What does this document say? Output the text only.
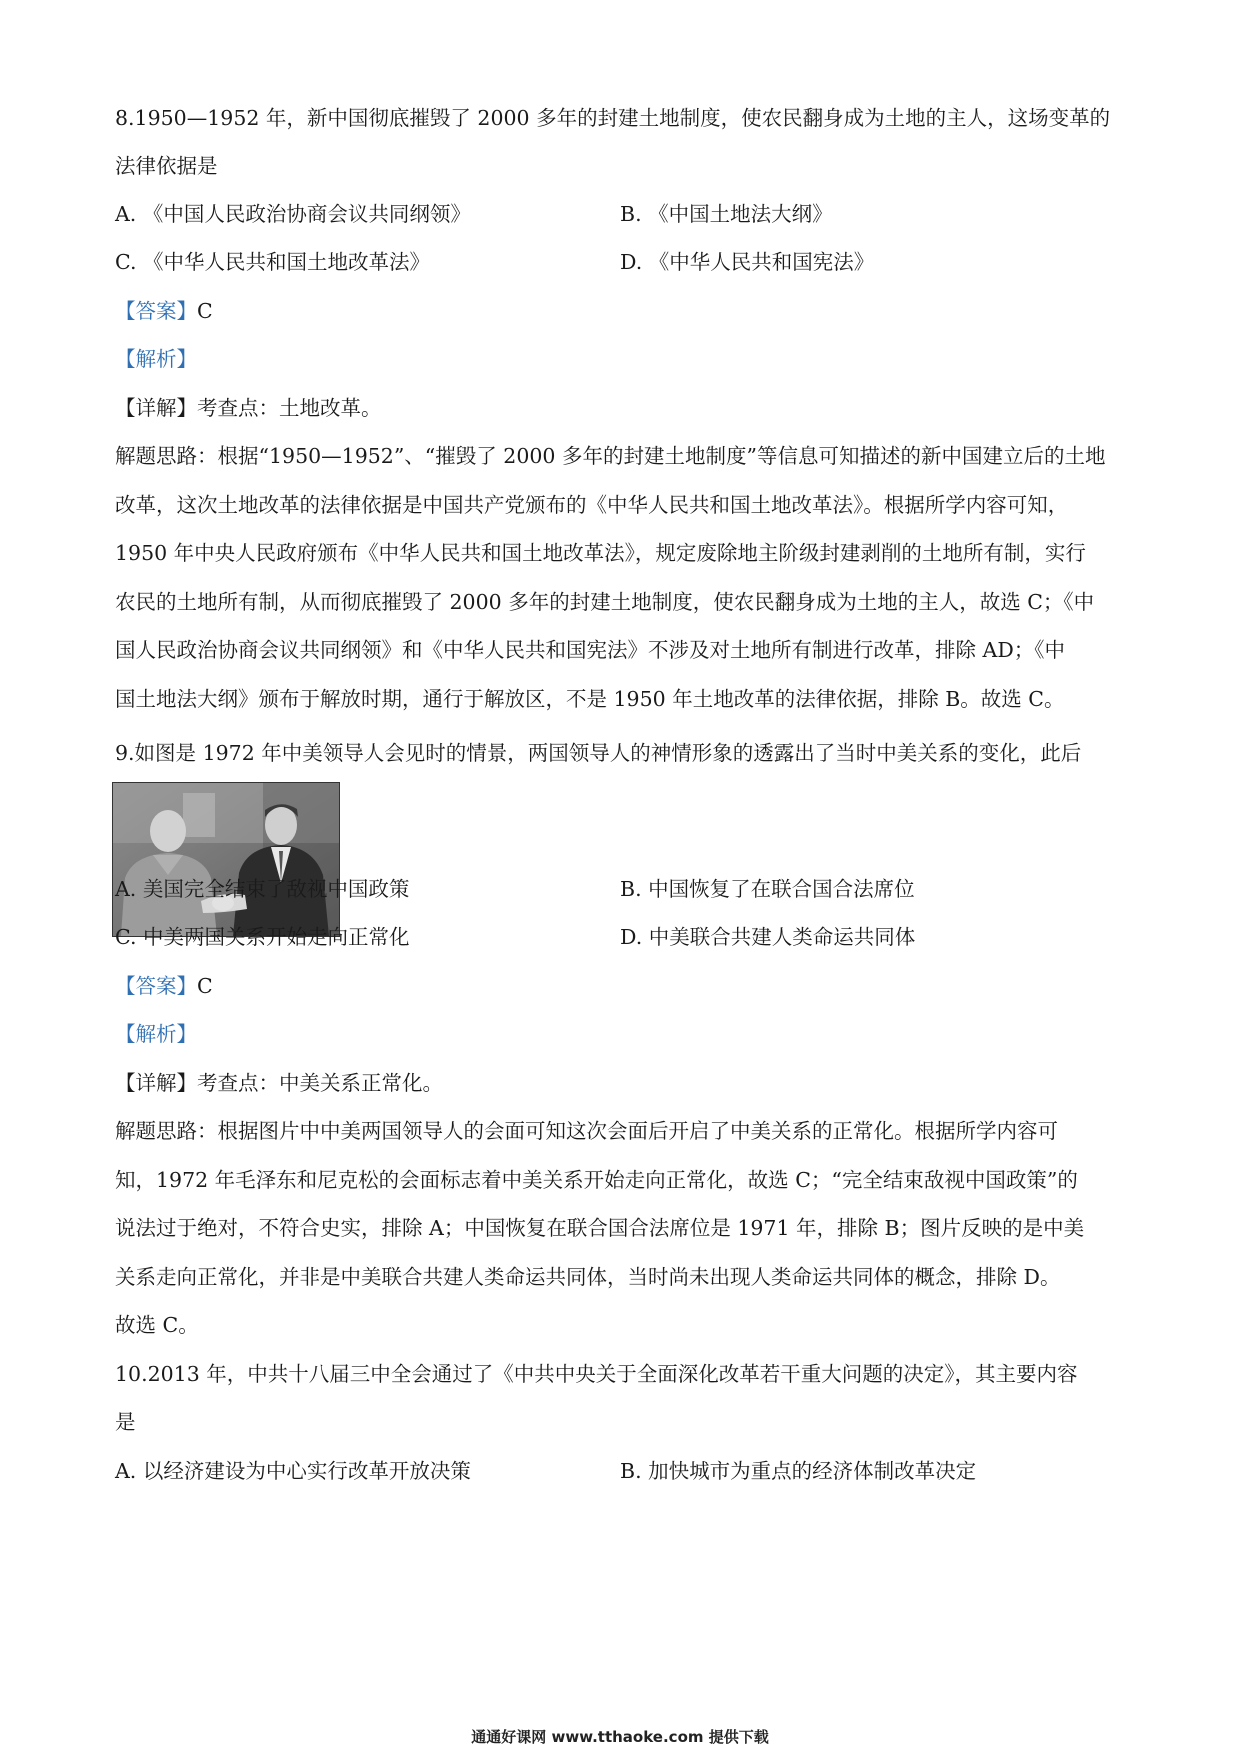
8.1950—1952 年，新中国彻底摧毁了 2000 多年的封建土地制度，使农民翻身成为土地的主人，这场变革的
法律依据是
A. 《中国人民政治协商会议共同纲领》	B. 《中国土地法大纲》
C. 《中华人民共和国土地改革法》	D. 《中华人民共和国宪法》
【答案】C
【解析】
【详解】考查点：土地改革。
解题思路：根据“1950—1952”、“摧毁了 2000 多年的封建土地制度”等信息可知描述的新中国建立后的土地
改革，这次土地改革的法律依据是中国共产党颁布的《中华人民共和国土地改革法》。根据所学内容可知，
1950 年中央人民政府颁布《中华人民共和国土地改革法》，规定废除地主阶级封建剥削的土地所有制，实行
农民的土地所有制，从而彻底摧毁了 2000 多年的封建土地制度，使农民翻身成为土地的主人，故选 C；《中
国人民政治协商会议共同纲领》和《中华人民共和国宪法》不涉及对土地所有制进行改革，排除 AD；《中
国土地法大纲》颁布于解放时期，通行于解放区，不是 1950 年土地改革的法律依据，排除 B。故选 C。
9.如图是 1972 年中美领导人会见时的情景，两国领导人的神情形象的透露出了当时中美关系的变化，此后
A. 美国完全结束了敌视中国政策	B. 中国恢复了在联合国合法席位
C. 中美两国关系开始走向正常化	D. 中美联合共建人类命运共同体
【答案】C
【解析】
【详解】考查点：中美关系正常化。
解题思路：根据图片中中美两国领导人的会面可知这次会面后开启了中美关系的正常化。根据所学内容可
知，1972 年毛泽东和尼克松的会面标志着中美关系开始走向正常化，故选 C；“完全结束敌视中国政策”的
说法过于绝对，不符合史实，排除 A；中国恢复在联合国合法席位是 1971 年，排除 B；图片反映的是中美
关系走向正常化，并非是中美联合共建人类命运共同体，当时尚未出现人类命运共同体的概念，排除 D。
故选 C。
10.2013 年，中共十八届三中全会通过了《中共中央关于全面深化改革若干重大问题的决定》，其主要内容
是
A. 以经济建设为中心实行改革开放决策	B. 加快城市为重点的经济体制改革决定
通通好课网 www.tthaoke.com 提供下载
